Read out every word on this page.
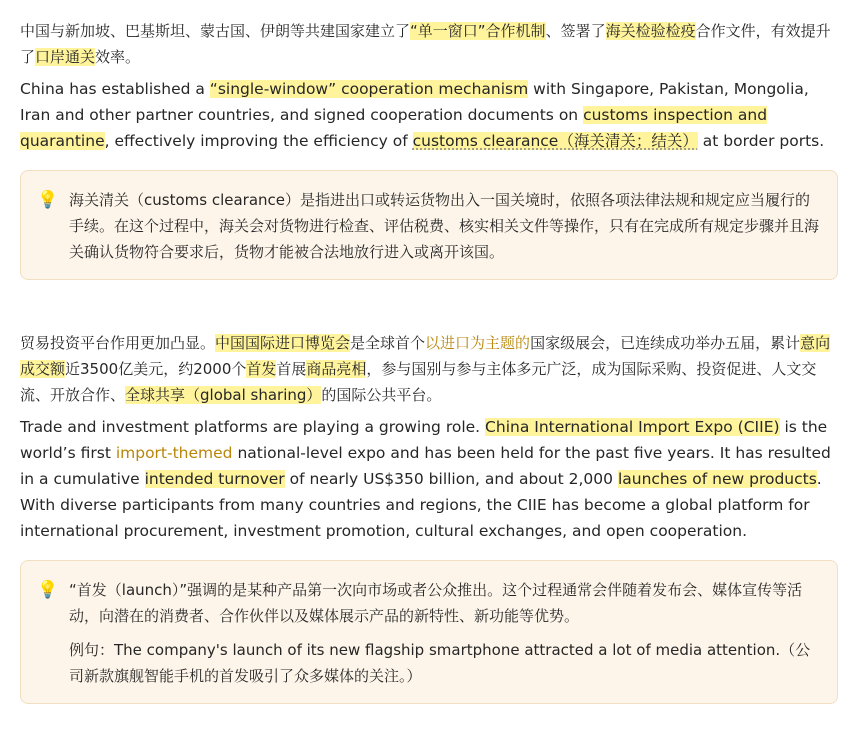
中国与新加坡、巴基斯坦、蒙古国、伊朗等共建国家建立了“单一窗口”合作机制、签署了海关检验检疫合作文件，有效提升了口岸通关效率。

China has established a “single-window” cooperation mechanism with Singapore, Pakistan, Mongolia, Iran and other partner countries, and signed cooperation documents on customs inspection and quarantine, effectively improving the efficiency of customs clearance（海关清关；结关） at border ports.

💡 海关清关（customs clearance）是指进出口或转运货物出入一国关境时，依照各项法律法规和规定应当履行的手续。在这个过程中，海关会对货物进行检查、评估税费、核实相关文件等操作，只有在完成所有规定步骤并且海关确认货物符合要求后，货物才能被合法地放行进入或离开该国。

贸易投资平台作用更加凸显。中国国际进口博览会是全球首个以进口为主题的国家级展会，已连续成功举办五届，累计意向成交额近3500亿美元，约2000个首发首展商品亮相，参与国别与参与主体多元广泛，成为国际采购、投资促进、人文交流、开放合作、全球共享（global sharing）的国际公共平台。

Trade and investment platforms are playing a growing role. China International Import Expo (CIIE) is the world’s first import-themed national-level expo and has been held for the past five years. It has resulted in a cumulative intended turnover of nearly US$350 billion, and about 2,000 launches of new products. With diverse participants from many countries and regions, the CIIE has become a global platform for international procurement, investment promotion, cultural exchanges, and open cooperation.

💡 “首发（launch）”强调的是某种产品第一次向市场或者公众推出。这个过程通常会伴随着发布会、媒体宣传等活动，向潜在的消费者、合作伙伴以及媒体展示产品的新特性、新功能等优势。

例句：The company's launch of its new flagship smartphone attracted a lot of media attention.（公司新款旗舰智能手机的首发吸引了众多媒体的关注。）
